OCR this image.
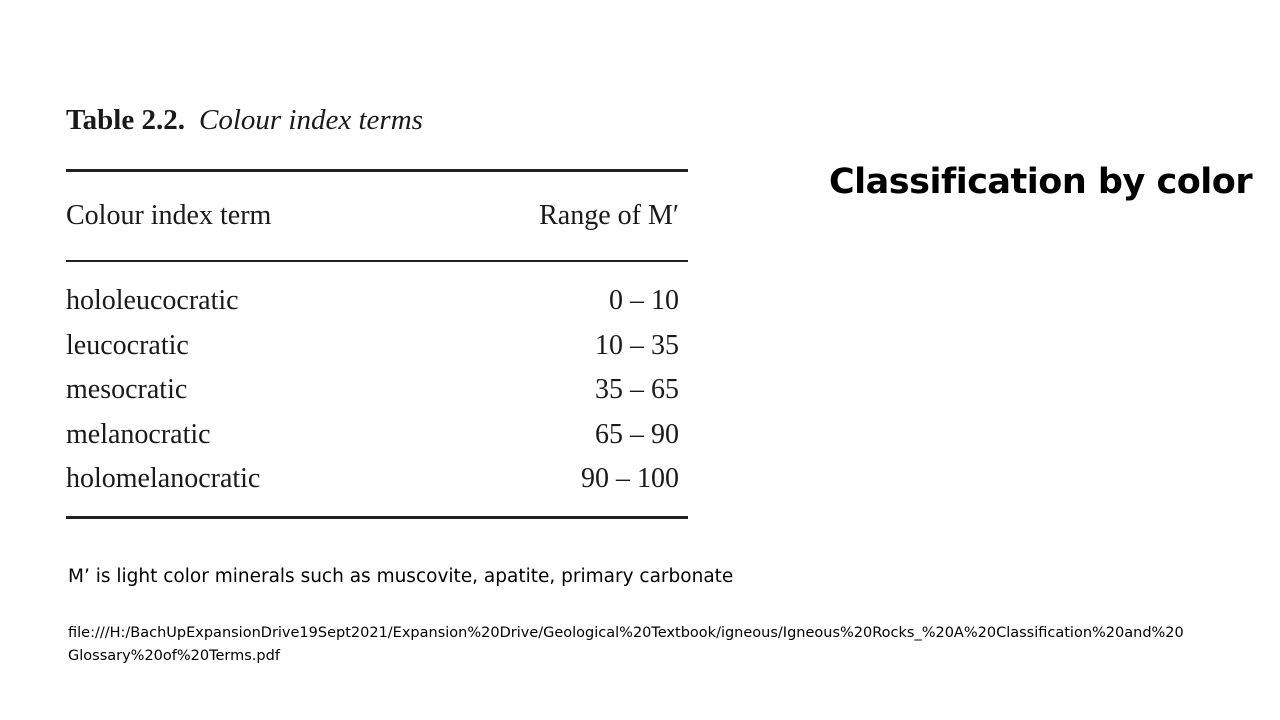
Table 2.2. Colour index terms
Colour index term	Range of M′
hololeucocratic	0 – 10
leucocratic	10 – 35
mesocratic	35 – 65
melanocratic	65 – 90
holomelanocratic	90 – 100
Classification by color
M’ is light color minerals such as muscovite, apatite, primary carbonate
file:///H:/BachUpExpansionDrive19Sept2021/Expansion%20Drive/Geological%20Textbook/igneous/Igneous%20Rocks_%20A%20Classification%20and%20
Glossary%20of%20Terms.pdf
